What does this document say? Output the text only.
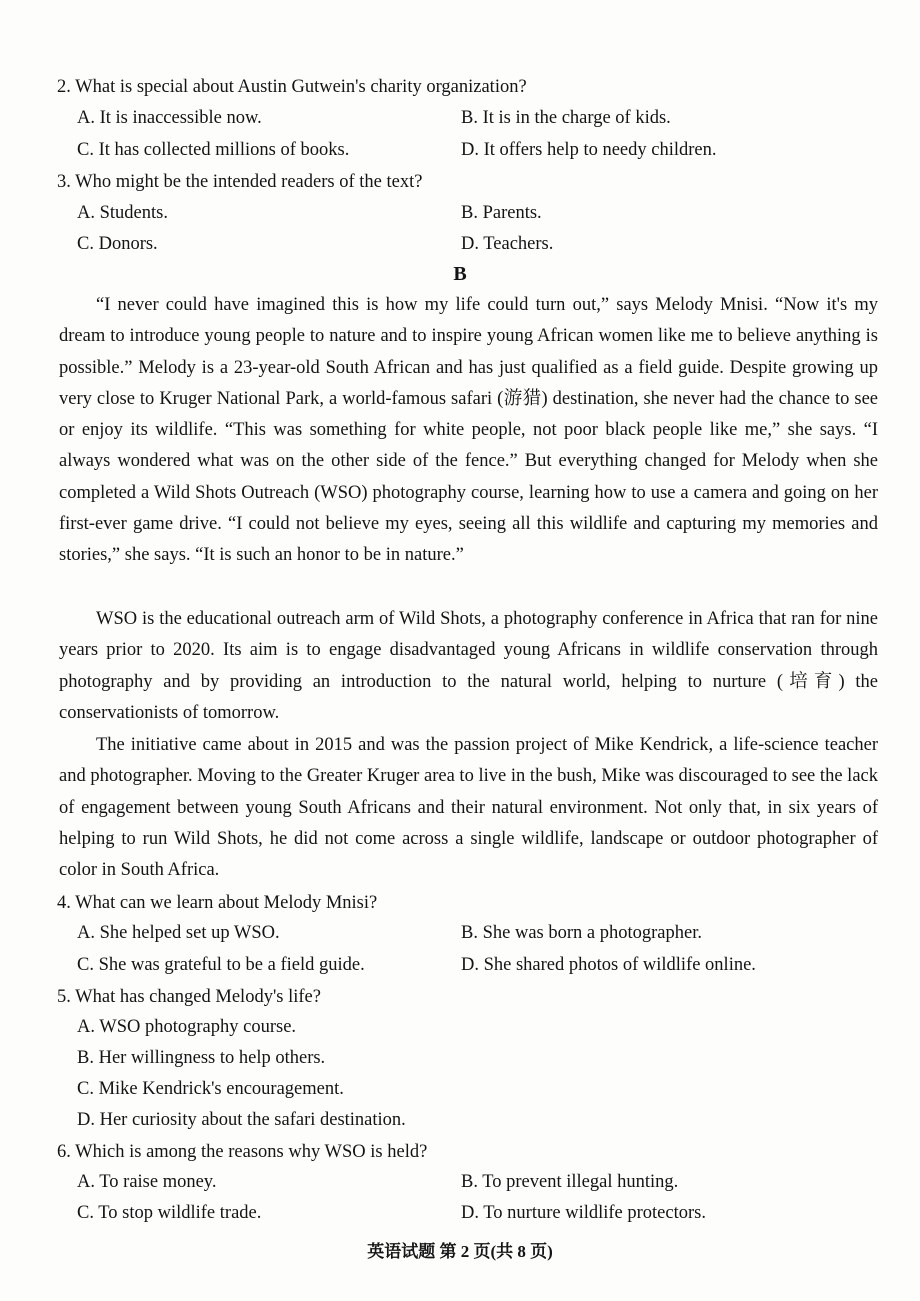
2. What is special about Austin Gutwein's charity organization?
A. It is inaccessible now.	B. It is in the charge of kids.
C. It has collected millions of books.	D. It offers help to needy children.
3. Who might be the intended readers of the text?
A. Students.	B. Parents.
C. Donors.	D. Teachers.
B

“I never could have imagined this is how my life could turn out,” says Melody Mnisi. “Now it's my dream to introduce young people to nature and to inspire young African women like me to believe anything is possible.” Melody is a 23-year-old South African and has just qualified as a field guide. Despite growing up very close to Kruger National Park, a world-famous safari (游猎) destination, she never had the chance to see or enjoy its wildlife. “This was something for white people, not poor black people like me,” she says. “I always wondered what was on the other side of the fence.” But everything changed for Melody when she completed a Wild Shots Outreach (WSO) photography course, learning how to use a camera and going on her first-ever game drive. “I could not believe my eyes, seeing all this wildlife and capturing my memories and stories,” she says. “It is such an honor to be in nature.”

WSO is the educational outreach arm of Wild Shots, a photography conference in Africa that ran for nine years prior to 2020. Its aim is to engage disadvantaged young Africans in wildlife conservation through photography and by providing an introduction to the natural world, helping to nurture (培育) the conservationists of tomorrow.

The initiative came about in 2015 and was the passion project of Mike Kendrick, a life-science teacher and photographer. Moving to the Greater Kruger area to live in the bush, Mike was discouraged to see the lack of engagement between young South Africans and their natural environment. Not only that, in six years of helping to run Wild Shots, he did not come across a single wildlife, landscape or outdoor photographer of color in South Africa.

4. What can we learn about Melody Mnisi?
A. She helped set up WSO.	B. She was born a photographer.
C. She was grateful to be a field guide.	D. She shared photos of wildlife online.
5. What has changed Melody's life?
A. WSO photography course.
B. Her willingness to help others.
C. Mike Kendrick's encouragement.
D. Her curiosity about the safari destination.
6. Which is among the reasons why WSO is held?
A. To raise money.	B. To prevent illegal hunting.
C. To stop wildlife trade.	D. To nurture wildlife protectors.
英语试题 第 2 页(共 8 页)
